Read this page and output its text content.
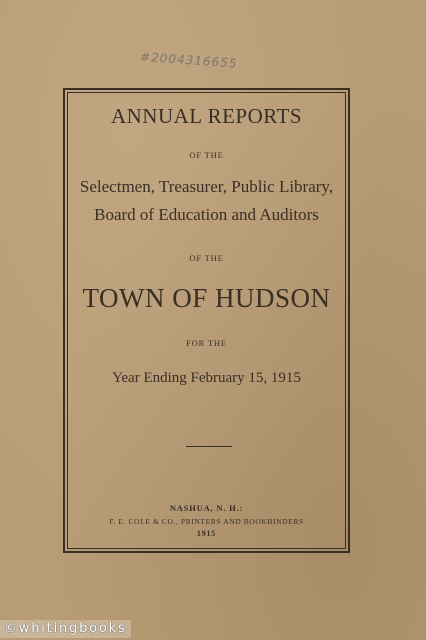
#2004316655
ANNUAL REPORTS
OF THE
Selectmen, Treasurer, Public Library,
Board of Education and Auditors
OF THE
TOWN OF HUDSON
FOR THE
Year Ending February 15, 1915
NASHUA, N. H.:
F. E. COLE & CO., PRINTERS AND BOOKBINDERS
1915
©whitingbooks
